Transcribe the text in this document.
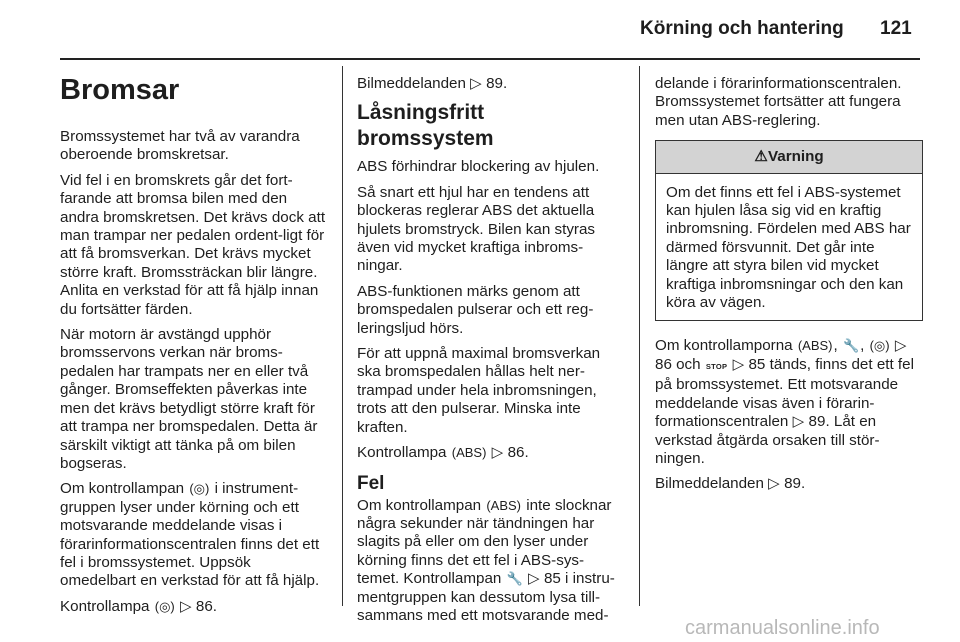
Körning och hantering 121
Bromsar

Bromssystemet har två av varandra oberoende bromskretsar.

Vid fel i en bromskrets går det fort-farande att bromsa bilen med den andra bromskretsen. Det krävs dock att man trampar ner pedalen ordent-ligt för att få bromsverkan. Det krävs mycket större kraft. Bromssträckan blir längre. Anlita en verkstad för att få hjälp innan du fortsätter färden.

När motorn är avstängd upphör bromsservons verkan när broms-pedalen har trampats ner en eller två gånger. Bromseffekten påverkas inte men det krävs betydligt större kraft för att trampa ner bromspedalen. Detta är särskilt viktigt att tänka på om bilen bogseras.

Om kontrollampan (◎) i instrument-gruppen lyser under körning och ett motsvarande meddelande visas i förarinformationscentralen finns det ett fel i bromssystemet. Uppsök omedelbart en verkstad för att få hjälp.

Kontrollampa (◎) ▷ 86.

Bilmeddelanden ▷ 89.

Låsningsfritt bromssystem

ABS förhindrar blockering av hjulen.

Så snart ett hjul har en tendens att blockeras reglerar ABS det aktuella hjulets bromstryck. Bilen kan styras även vid mycket kraftiga inbroms-ningar.

ABS-funktionen märks genom att bromspedalen pulserar och ett reg-leringsljud hörs.

För att uppnå maximal bromsverkan ska bromspedalen hållas helt ner-trampad under hela inbromsningen, trots att den pulserar. Minska inte kraften.

Kontrollampa (ABS) ▷ 86.

Fel

Om kontrollampan (ABS) inte slocknar några sekunder när tändningen har slagits på eller om den lyser under körning finns det ett fel i ABS-sys-temet. Kontrollampan 🔧 ▷ 85 i instru-mentgruppen kan dessutom lysa till-sammans med ett motsvarande med-

delande i förarinformationscentralen. Bromssystemet fortsätter att fungera men utan ABS-reglering.

⚠Varning
Om det finns ett fel i ABS-systemet kan hjulen låsa sig vid en kraftig inbromsning. Fördelen med ABS har därmed försvunnit. Det går inte längre att styra bilen vid mycket kraftiga inbromsningar och den kan köra av vägen.

Om kontrollamporna (ABS), 🔧, (◎) ▷ 86 och STOP ▷ 85 tänds, finns det ett fel på bromssystemet. Ett motsvarande meddelande visas även i förarin-formationscentralen ▷ 89. Låt en verkstad åtgärda orsaken till stör-ningen.

Bilmeddelanden ▷ 89.

carmanualsonline.info
